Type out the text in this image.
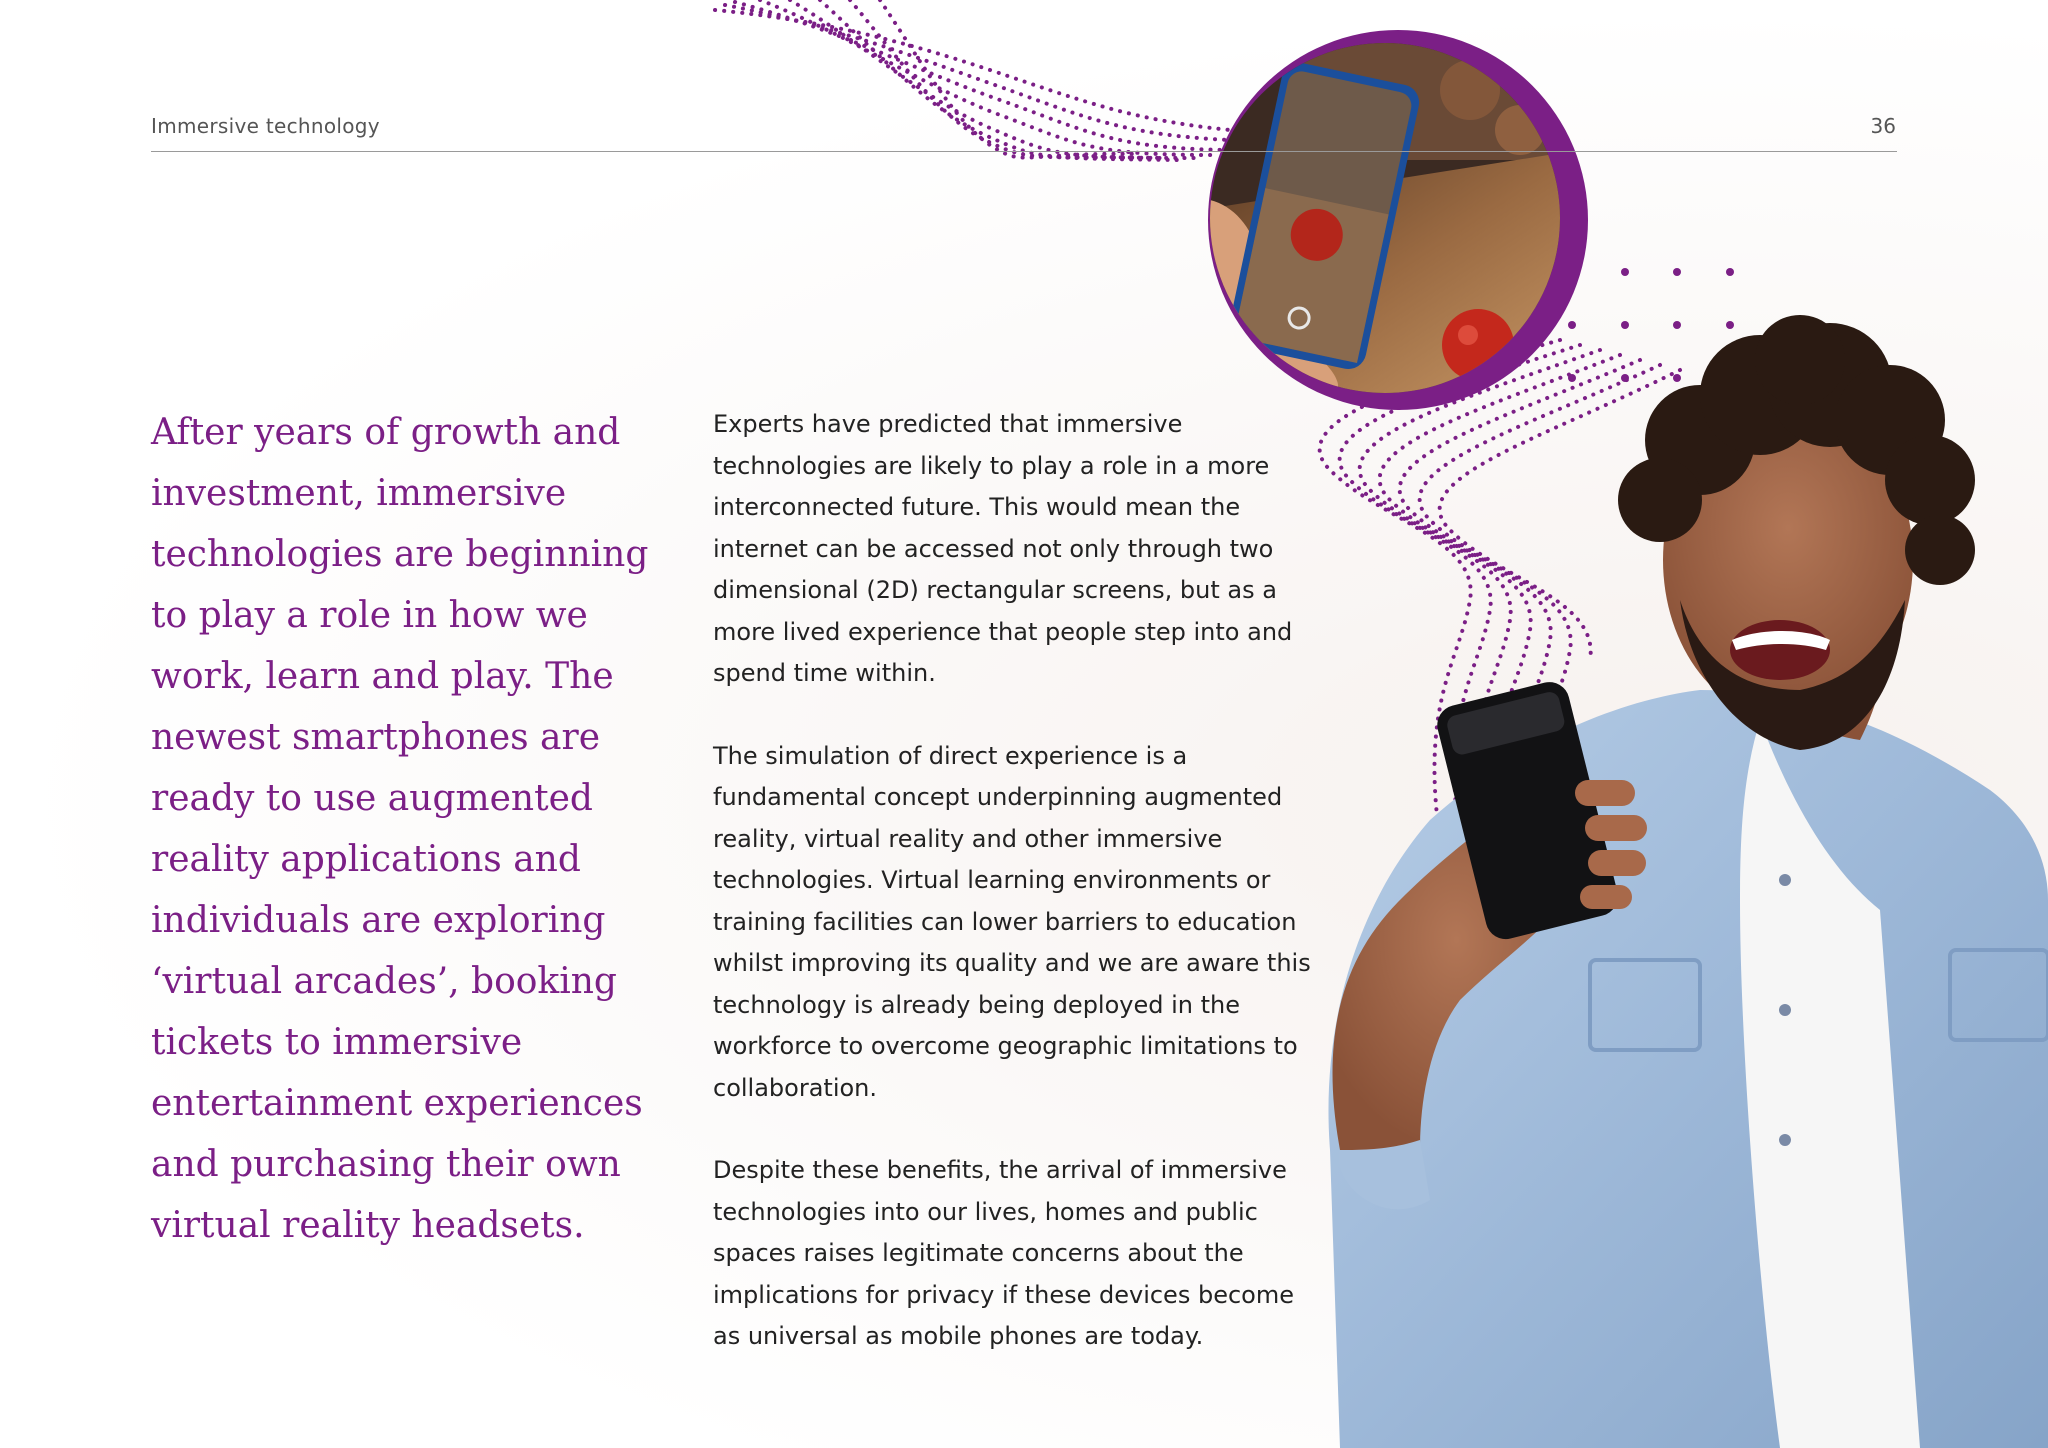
Immersive technology	36

After years of growth and investment, immersive technologies are beginning to play a role in how we work, learn and play. The newest smartphones are ready to use augmented reality applications and individuals are exploring ‘virtual arcades’, booking tickets to immersive entertainment experiences and purchasing their own virtual reality headsets.

Experts have predicted that immersive technologies are likely to play a role in a more interconnected future. This would mean the internet can be accessed not only through two dimensional (2D) rectangular screens, but as a more lived experience that people step into and spend time within.

The simulation of direct experience is a fundamental concept underpinning augmented reality, virtual reality and other immersive technologies. Virtual learning environments or training facilities can lower barriers to education whilst improving its quality and we are aware this technology is already being deployed in the workforce to overcome geographic limitations to collaboration.

Despite these benefits, the arrival of immersive technologies into our lives, homes and public spaces raises legitimate concerns about the implications for privacy if these devices become as universal as mobile phones are today.
